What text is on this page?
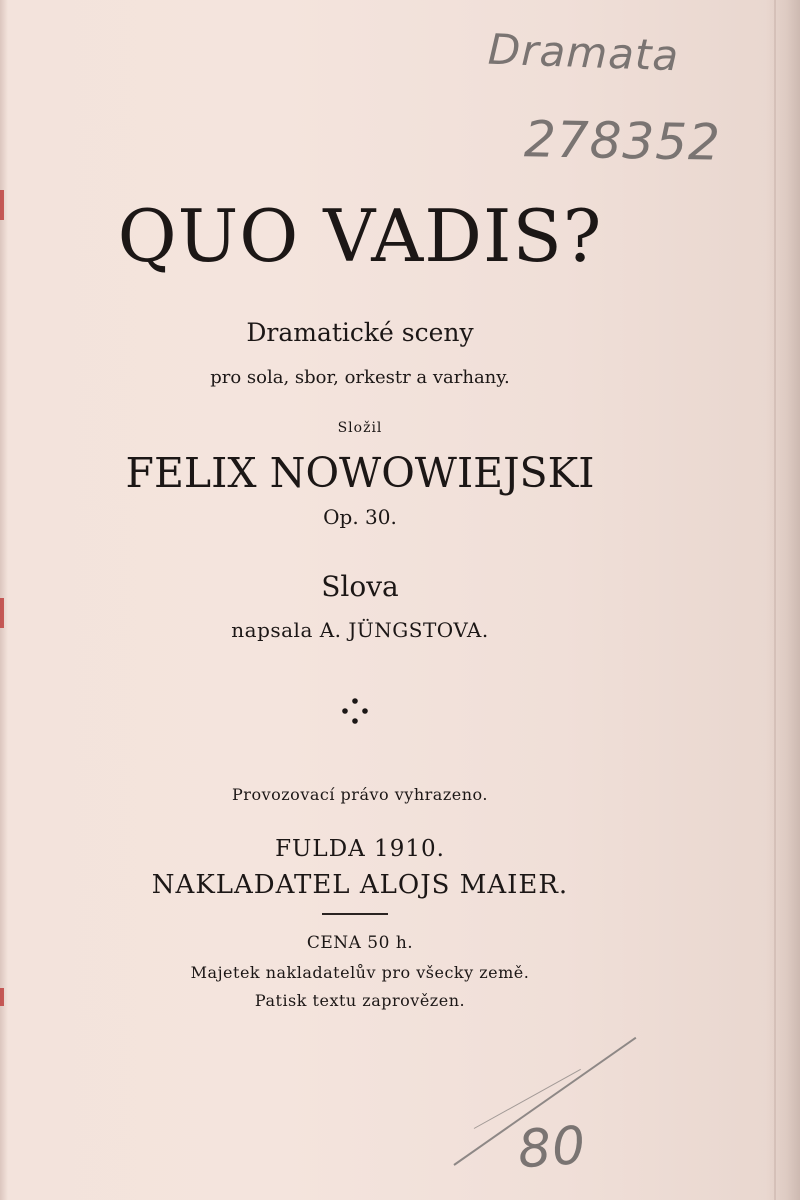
Dramata
278352
QUO VADIS?
Dramatické sceny
pro sola, sbor, orkestr a varhany.
Složil
FELIX NOWOWIEJSKI
Op. 30.
Slova
napsala A. JÜNGSTOVA.
Provozovací právo vyhrazeno.
FULDA 1910.
NAKLADATEL ALOJS MAIER.
CENA 50 h.
Majetek nakladatelův pro všecky země.
Patisk textu zaprovězen.
80
